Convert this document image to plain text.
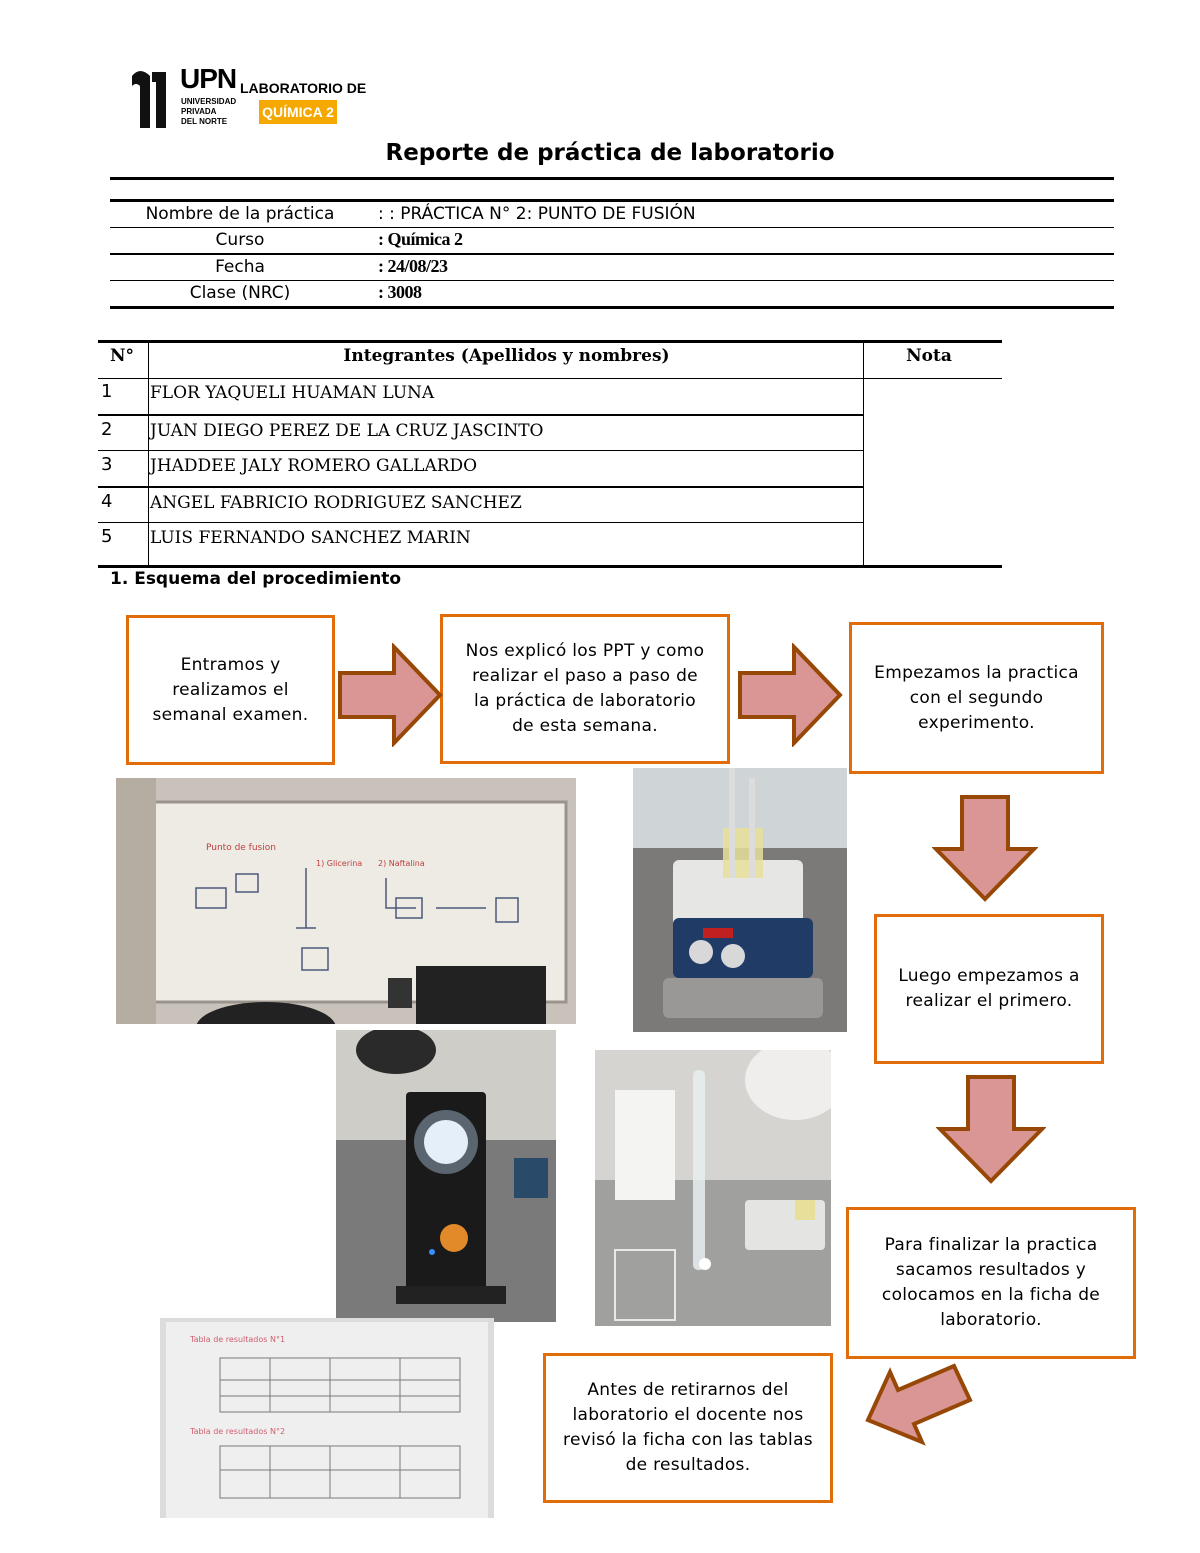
UPN
UNIVERSIDAD
PRIVADA
DEL NORTE
LABORATORIO DE
QUÍMICA 2
Reporte de práctica de laboratorio
Nombre de la práctica	: : PRÁCTICA N° 2: PUNTO DE FUSIÓN
Curso	: Química 2
Fecha	: 24/08/23
Clase (NRC)	: 3008
N°	Integrantes (Apellidos y nombres)	Nota
1 FLOR YAQUELI HUAMAN LUNA
2 JUAN DIEGO PEREZ DE LA CRUZ JASCINTO
3 JHADDEE JALY ROMERO GALLARDO
4 ANGEL FABRICIO RODRIGUEZ SANCHEZ
5 LUIS FERNANDO SANCHEZ MARIN
1. Esquema del procedimiento
Entramos y realizamos el semanal examen.
Nos explicó los PPT y como realizar el paso a paso de la práctica de laboratorio de esta semana.
Empezamos la practica con el segundo experimento.
Luego empezamos a realizar el primero.
Para finalizar la practica sacamos resultados y colocamos en la ficha de laboratorio.
Antes de retirarnos del laboratorio el docente nos revisó la ficha con las tablas de resultados.
Punto de fusion
1) Glicerina 2) Naftalina
Tabla de resultados N°1
Tabla de resultados N°2
